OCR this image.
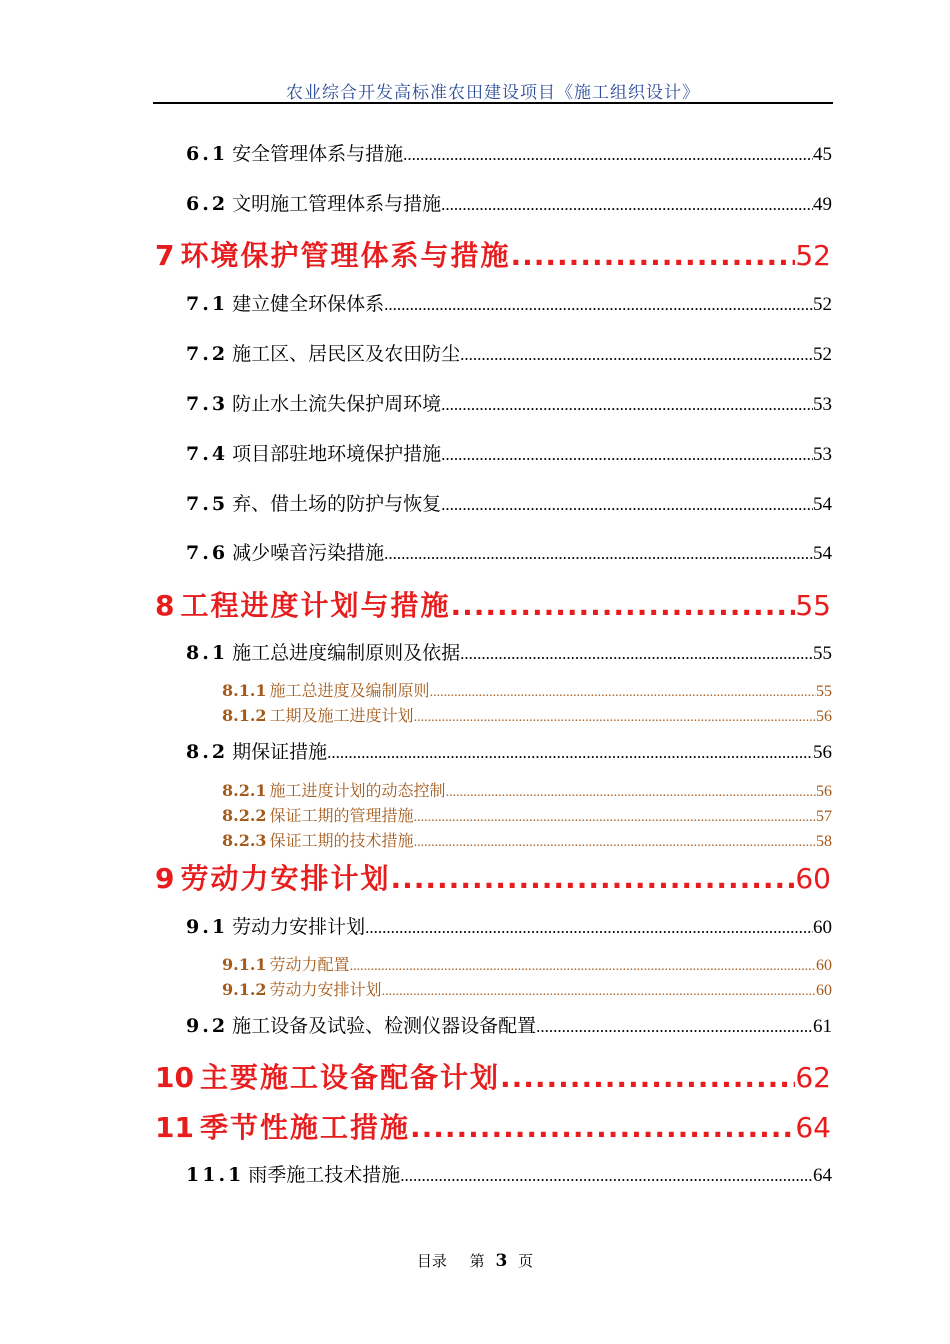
农业综合开发高标准农田建设项目《施工组织设计》
6.1 安全管理体系与措施 .....	45
6.2 文明施工管理体系与措施 .....	49
7 环境保护管理体系与措施 .....	52
7.1 建立健全环保体系 .....	52
7.2 施工区、居民区及农田防尘 .....	52
7.3 防止水土流失保护周环境 .....	53
7.4 项目部驻地环境保护措施 .....	53
7.5 弃、借土场的防护与恢复 .....	54
7.6 减少噪音污染措施 .....	54
8 工程进度计划与措施 .....	55
8.1 施工总进度编制原则及依据 .....	55
8.1.1 施工总进度及编制原则 .....	55
8.1.2 工期及施工进度计划 .....	56
8.2 期保证措施 .....	56
8.2.1 施工进度计划的动态控制 .....	56
8.2.2 保证工期的管理措施 .....	57
8.2.3 保证工期的技术措施 .....	58
9 劳动力安排计划 .....	60
9.1 劳动力安排计划 .....	60
9.1.1 劳动力配置 .....	60
9.1.2 劳动力安排计划 .....	60
9.2 施工设备及试验、检测仪器设备配置 .....	61
10 主要施工设备配备计划 .....	62
11 季节性施工措施 .....	64
11.1 雨季施工技术措施 .....	64
目录 第 3 页
